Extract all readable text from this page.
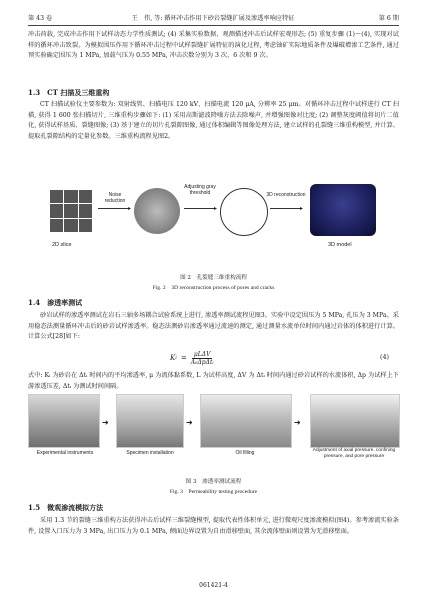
第 43 卷	王　伟, 等: 循环冲击作用下砂岩裂缝扩展及渗透率响应特征	第 6 期
冲击荷载, 完成冲击作用下试样动态力学性质测试; (4) 采集实验数据、观测描述冲击后试样宏观形态; (5) 重复步骤 (1)～(4), 实现对试样的循环冲击致裂。为模拟围压作用下循环冲击过程中试样裂缝扩展特征的演化过程, 考虑铀矿实际地质条件及爆破增渗工艺条件, 通过预实验确定围压为 1 MPa, 加载气压为 0.55 MPa, 冲击次数分别为 3 次、6 次和 9 次。
1.3　CT 扫描及三维重构
CT 扫描试验仪主要参数为: 双射线管、扫描电压 120 kV、扫描电流 120 μA, 分辨率 25 μm。对循环冲击过程中试样进行 CT 扫描, 获得 1 600 张扫描切片, 三维重构步骤如下: (1) 采用高斯滤波降噪方法去除噪声, 并增强图像对比度; (2) 调整灰度阈值将切片二值化, 获得试样基质、裂缝图像; (3) 基于建立的切片孔裂隙图像, 通过体积编辑等图像处理方法, 建立试样的孔裂缝三维重构模型, 并计算、提取孔裂隙结构的定量化参数。三维重构流程见图2。
2D slice
▸
Noise reduction
▸
Adjusting gray threshold
▸
3D reconstruction
3D model
图 2　孔裂缝三维重构流程
Fig. 2　3D reconstruction process of pores and cracks
1.4　渗透率测试
砂岩试样的渗透率测试在岩石三轴多场耦合试验系统上进行, 渗透率测试流程见图3。实验中设定围压为 5 MPa, 孔压为 3 MPa。采用稳态法测量循环冲击后的砂岩试样渗透率。稳态法测砂岩渗透率通过流速的测定, 通过测量水流单位时间内通过岩体的体积进行计算。计算公式[28]如下:
K i =	μLΔV
A₀ΔpΔtᵢ
(4)
式中: Kᵢ 为砂岩在 Δtᵢ 时间内的平均渗透率, μ 为流体黏系数, L 为试样高度, ΔV 为 Δtᵢ 时间内通过砂岩试样的水流体积, Δp 为试样上下游渗透压差, Δtᵢ 为测试时间间隔。
Experimental instruments
➜
Specimen installation
➜
Oil filling
➜
Adjustment of axial pressure, confining pressure, and pore pressure
图 3　渗透率测试流程
Fig. 3　Permeability testing procedure
1.5　微观渗流模拟方法
采用 1.3 节的裂缝三维重构方法获得冲击后试样三维裂缝模型, 提取代表性体积单元, 进行微观尺度渗流模拟(图4)。参考渗流实验条件, 设置入口压力为 3 MPa, 出口压力为 0.1 MPa, 侧面边界设置为自由滑移壁面, 其余流体壁面则设置为无滑移壁面。
061421-4
